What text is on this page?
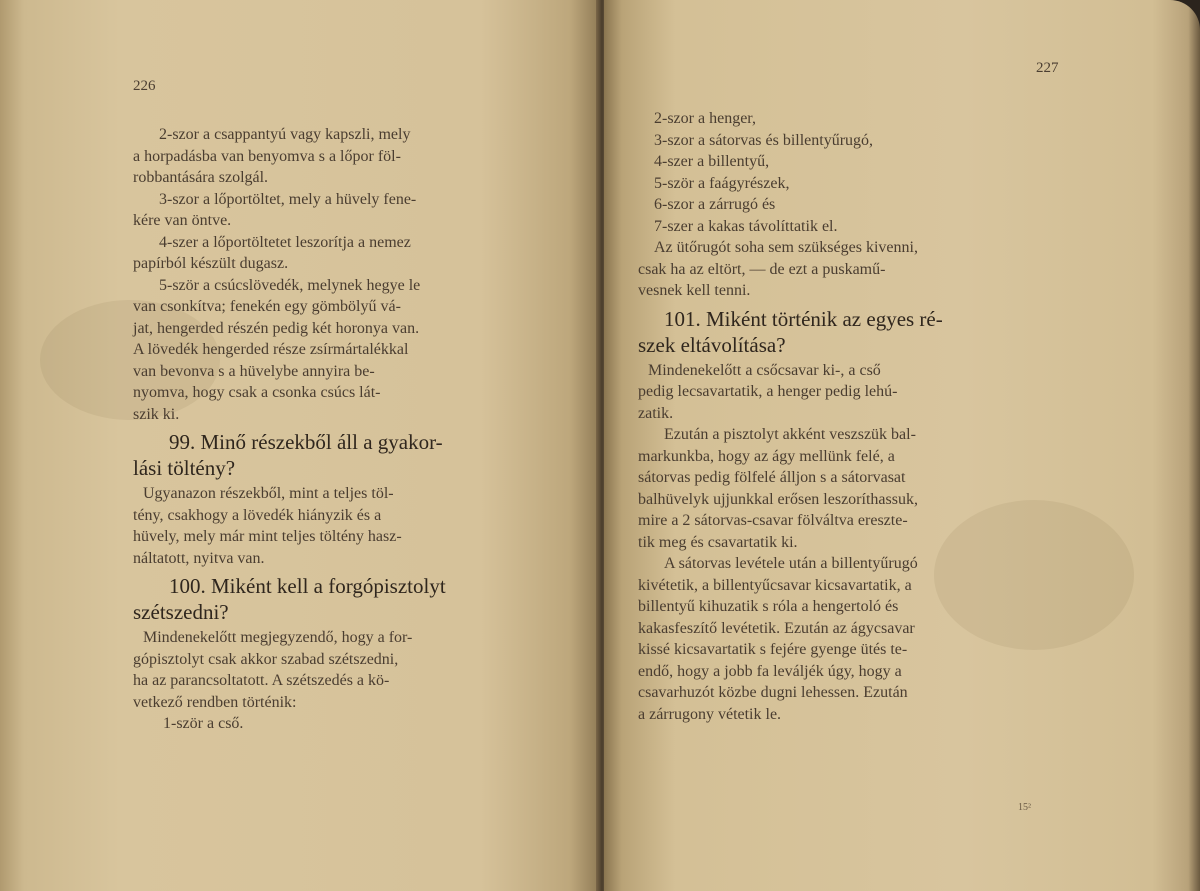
226
2-szor a csappantyú vagy kapszli, mely
a horpadásba van benyomva s a lőpor föl-
robbantására szolgál.
3-szor a lőportöltet, mely a hüvely fene-
kére van öntve.
4-szer a lőportöltetet leszorítja a nemez
papírból készült dugasz.
5-ször a csúcslövedék, melynek hegye le
van csonkítva; fenekén egy gömbölyű vá-
jat, hengerded részén pedig két horonya van.
A lövedék hengerded része zsírmártalékkal
van bevonva s a hüvelybe annyira be-
nyomva, hogy csak a csonka csúcs lát-
szik ki.
99. Minő részekből áll a gyakor-
lási töltény?
Ugyanazon részekből, mint a teljes töl-
tény, csakhogy a lövedék hiányzik és a
hüvely, mely már mint teljes töltény hasz-
náltatott, nyitva van.
100. Miként kell a forgópisztolyt
szétszedni?
Mindenekelőtt megjegyzendő, hogy a for-
gópisztolyt csak akkor szabad szétszedni,
ha az parancsoltatott. A szétszedés a kö-
vetkező rendben történik:
1-ször a cső.
227
2-szor a henger,
3-szor a sátorvas és billentyűrugó,
4-szer a billentyű,
5-ször a faágyrészek,
6-szor a zárrugó és
7-szer a kakas távolíttatik el.
Az ütőrugót soha sem szükséges kivenni,
csak ha az eltört, — de ezt a puskamű-
vesnek kell tenni.
101. Miként történik az egyes ré-
szek eltávolítása?
Mindenekelőtt a csőcsavar ki-, a cső
pedig lecsavartatik, a henger pedig lehú-
zatik.
Ezután a pisztolyt akként veszszük bal-
markunkba, hogy az ágy mellünk felé, a
sátorvas pedig fölfelé álljon s a sátorvasat
balhüvelyk ujjunkkal erősen leszoríthassuk,
mire a 2 sátorvas-csavar fölváltva ereszte-
tik meg és csavartatik ki.
A sátorvas levétele után a billentyűrugó
kivétetik, a billentyűcsavar kicsavartatik, a
billentyű kihuzatik s róla a hengertoló és
kakasfeszítő levétetik. Ezután az ágycsavar
kissé kicsavartatik s fejére gyenge ütés te-
endő, hogy a jobb fa leváljék úgy, hogy a
csavarhuzót közbe dugni lehessen. Ezután
a zárrugony vétetik le.
15²
